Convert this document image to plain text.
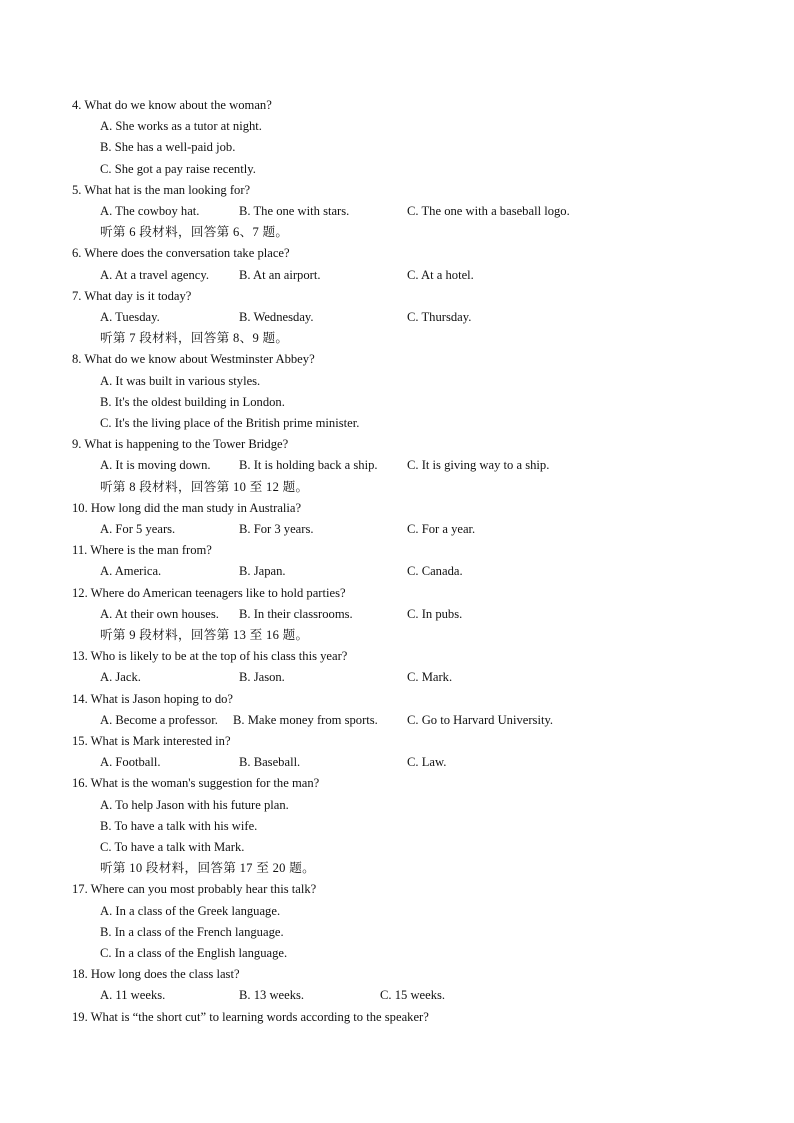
4. What do we know about the woman?
A. She works as a tutor at night.
B. She has a well-paid job.
C. She got a pay raise recently.
5. What hat is the man looking for?
A. The cowboy hat.	B. The one with stars.	C. The one with a baseball logo.
听第 6 段材料，回答第 6、7 题。
6. Where does the conversation take place?
A. At a travel agency. B. At an airport.	C. At a hotel.
7. What day is it today?
A. Tuesday.	B. Wednesday.	C. Thursday.
听第 7 段材料，回答第 8、9 题。
8. What do we know about Westminster Abbey?
A. It was built in various styles.
B. It's the oldest building in London.
C. It's the living place of the British prime minister.
9. What is happening to the Tower Bridge?
A. It is moving down. B. It is holding back a ship. C. It is giving way to a ship.
听第 8 段材料，回答第 10 至 12 题。
10. How long did the man study in Australia?
A. For 5 years.	B. For 3 years.	C. For a year.
11. Where is the man from?
A. America.	B. Japan.	C. Canada.
12. Where do American teenagers like to hold parties?
A. At their own houses. B. In their classrooms.	C. In pubs.
听第 9 段材料，回答第 13 至 16 题。
13. Who is likely to be at the top of his class this year?
A. Jack.	B. Jason.	C. Mark.
14. What is Jason hoping to do?
A. Become a professor. B. Make money from sports. C. Go to Harvard University.
15. What is Mark interested in?
A. Football.	B. Baseball.	C. Law.
16. What is the woman's suggestion for the man?
A. To help Jason with his future plan.
B. To have a talk with his wife.
C. To have a talk with Mark.
听第 10 段材料，回答第 17 至 20 题。
17. Where can you most probably hear this talk?
A. In a class of the Greek language.
B. In a class of the French language.
C. In a class of the English language.
18. How long does the class last?
A. 11 weeks.	B. 13 weeks.	C. 15 weeks.
19. What is “the short cut” to learning words according to the speaker?
